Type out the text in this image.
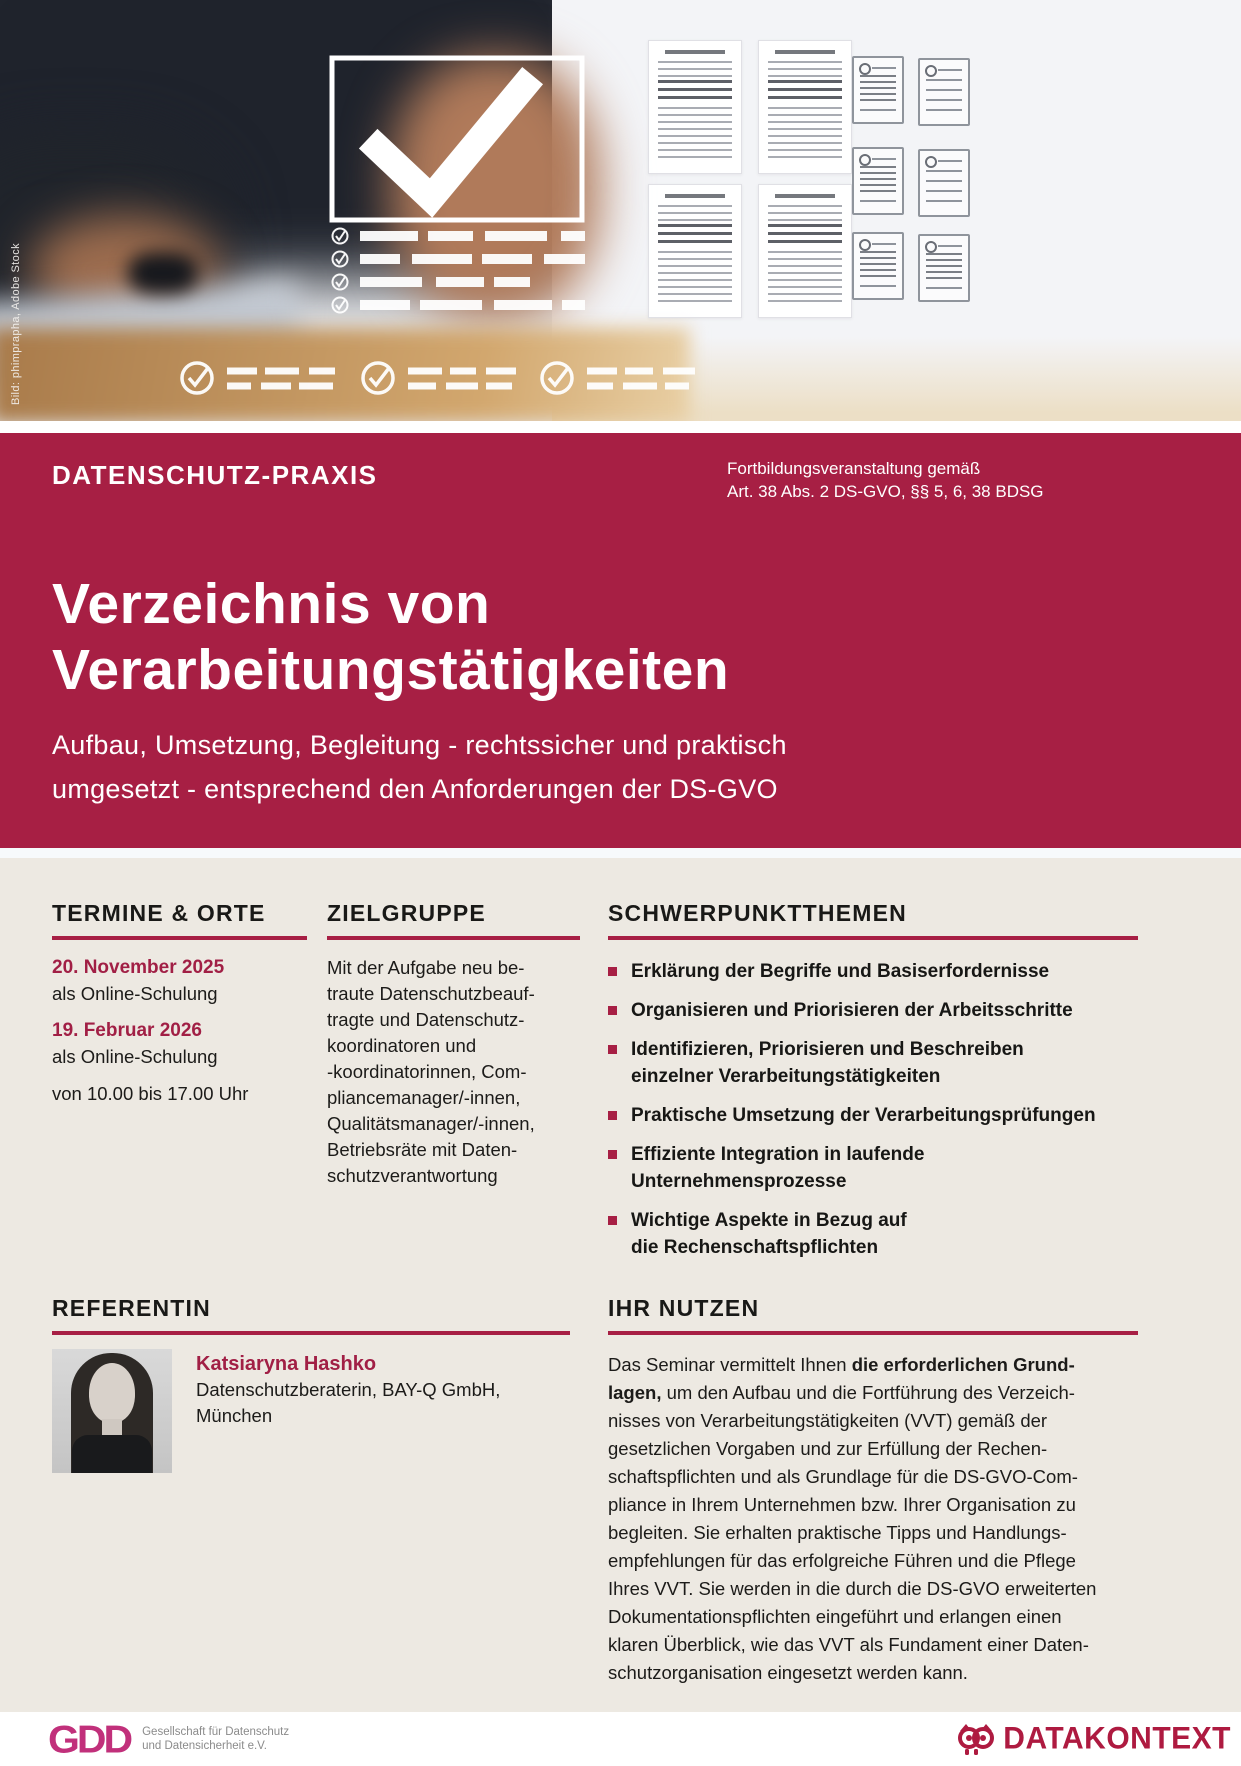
Bild: phimprapha, Adobe Stock
DATENSCHUTZ-PRAXIS	Fortbildungsveranstaltung gemäß
Art. 38 Abs. 2 DS-GVO, §§ 5, 6, 38 BDSG
Verzeichnis von
Verarbeitungstätigkeiten

Aufbau, Umsetzung, Begleitung - rechtssicher und praktisch
umgesetzt - entsprechend den Anforderungen der DS-GVO

TERMINE & ORTE
20. November 2025
als Online-Schulung
19. Februar 2026
als Online-Schulung
von 10.00 bis 17.00 Uhr
ZIELGRUPPE

Mit der Aufgabe neu be-
traute Datenschutzbeauf-
tragte und Datenschutz-
koordinatoren und
-koordinatorinnen, Com-
pliancemanager/-innen,
Qualitätsmanager/-innen,
Betriebsräte mit Daten-
schutzverantwortung

SCHWERPUNKTTHEMEN
Erklärung der Begriffe und Basiserfordernisse
Organisieren und Priorisieren der Arbeitsschritte
Identifizieren, Priorisieren und Beschreiben
einzelner Verarbeitungstätigkeiten
Praktische Umsetzung der Verarbeitungsprüfungen
Effiziente Integration in laufende
Unternehmensprozesse
Wichtige Aspekte in Bezug auf
die Rechenschaftspflichten
REFERENTIN
Katsiaryna Hashko
Datenschutzberaterin, BAY-Q GmbH,
München
IHR NUTZEN

Das Seminar vermittelt Ihnen die erforderlichen Grund-
lagen, um den Aufbau und die Fortführung des Verzeich-
nisses von Verarbeitungstätigkeiten (VVT) gemäß der
gesetzlichen Vorgaben und zur Erfüllung der Rechen-
schaftspflichten und als Grundlage für die DS-GVO-Com-
pliance in Ihrem Unternehmen bzw. Ihrer Organisation zu
begleiten. Sie erhalten praktische Tipps und Handlungs-
empfehlungen für das erfolgreiche Führen und die Pflege
Ihres VVT. Sie werden in die durch die DS-GVO erweiterten
Dokumentationspflichten eingeführt und erlangen einen
klaren Überblick, wie das VVT als Fundament einer Daten-
schutzorganisation eingesetzt werden kann.

GDD Gesellschaft für Datenschutz
und Datensicherheit e.V.	DATAKONTEXT
